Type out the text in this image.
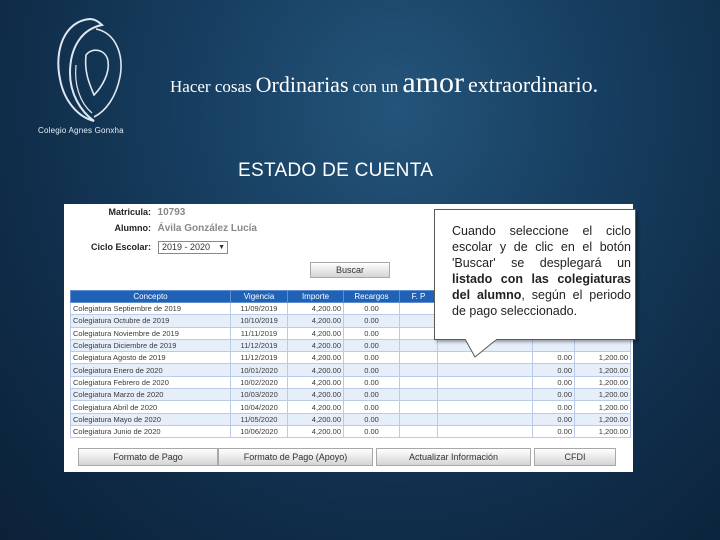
Colegio Agnes Gonxha
Hacer cosas Ordinarias con un amor extraordinario.
ESTADO DE CUENTA
Matricula: 10793
Alumno: Ávila González Lucía
Ciclo Escolar:	2019 - 2020 ▼
Buscar
Concepto	Vigencia	Importe	Recargos	F. P			
Colegiatura Septiembre de 2019	11/09/2019	4,200.00	0.00				
Colegiatura Octubre de 2019	10/10/2019	4,200.00	0.00				
Colegiatura Noviembre de 2019	11/11/2019	4,200.00	0.00				
Colegiatura Diciembre de 2019	11/12/2019	4,200.00	0.00				
Colegiatura Agosto de 2019	11/12/2019	4,200.00	0.00			0.00	1,200.00
Colegiatura Enero de 2020	10/01/2020	4,200.00	0.00			0.00	1,200.00
Colegiatura Febrero de 2020	10/02/2020	4,200.00	0.00			0.00	1,200.00
Colegiatura Marzo de 2020	10/03/2020	4,200.00	0.00			0.00	1,200.00
Colegiatura Abril de 2020	10/04/2020	4,200.00	0.00			0.00	1,200.00
Colegiatura Mayo de 2020	11/05/2020	4,200.00	0.00			0.00	1,200.00
Colegiatura Junio de 2020	10/06/2020	4,200.00	0.00			0.00	1,200.00
Formato de Pago	Formato de Pago (Apoyo)	Actualizar Información	CFDI
Cuando seleccione el ciclo escolar y de clic en el botón 'Buscar' se desplegará un listado con las colegiaturas del alumno, según el periodo de pago seleccionado.
